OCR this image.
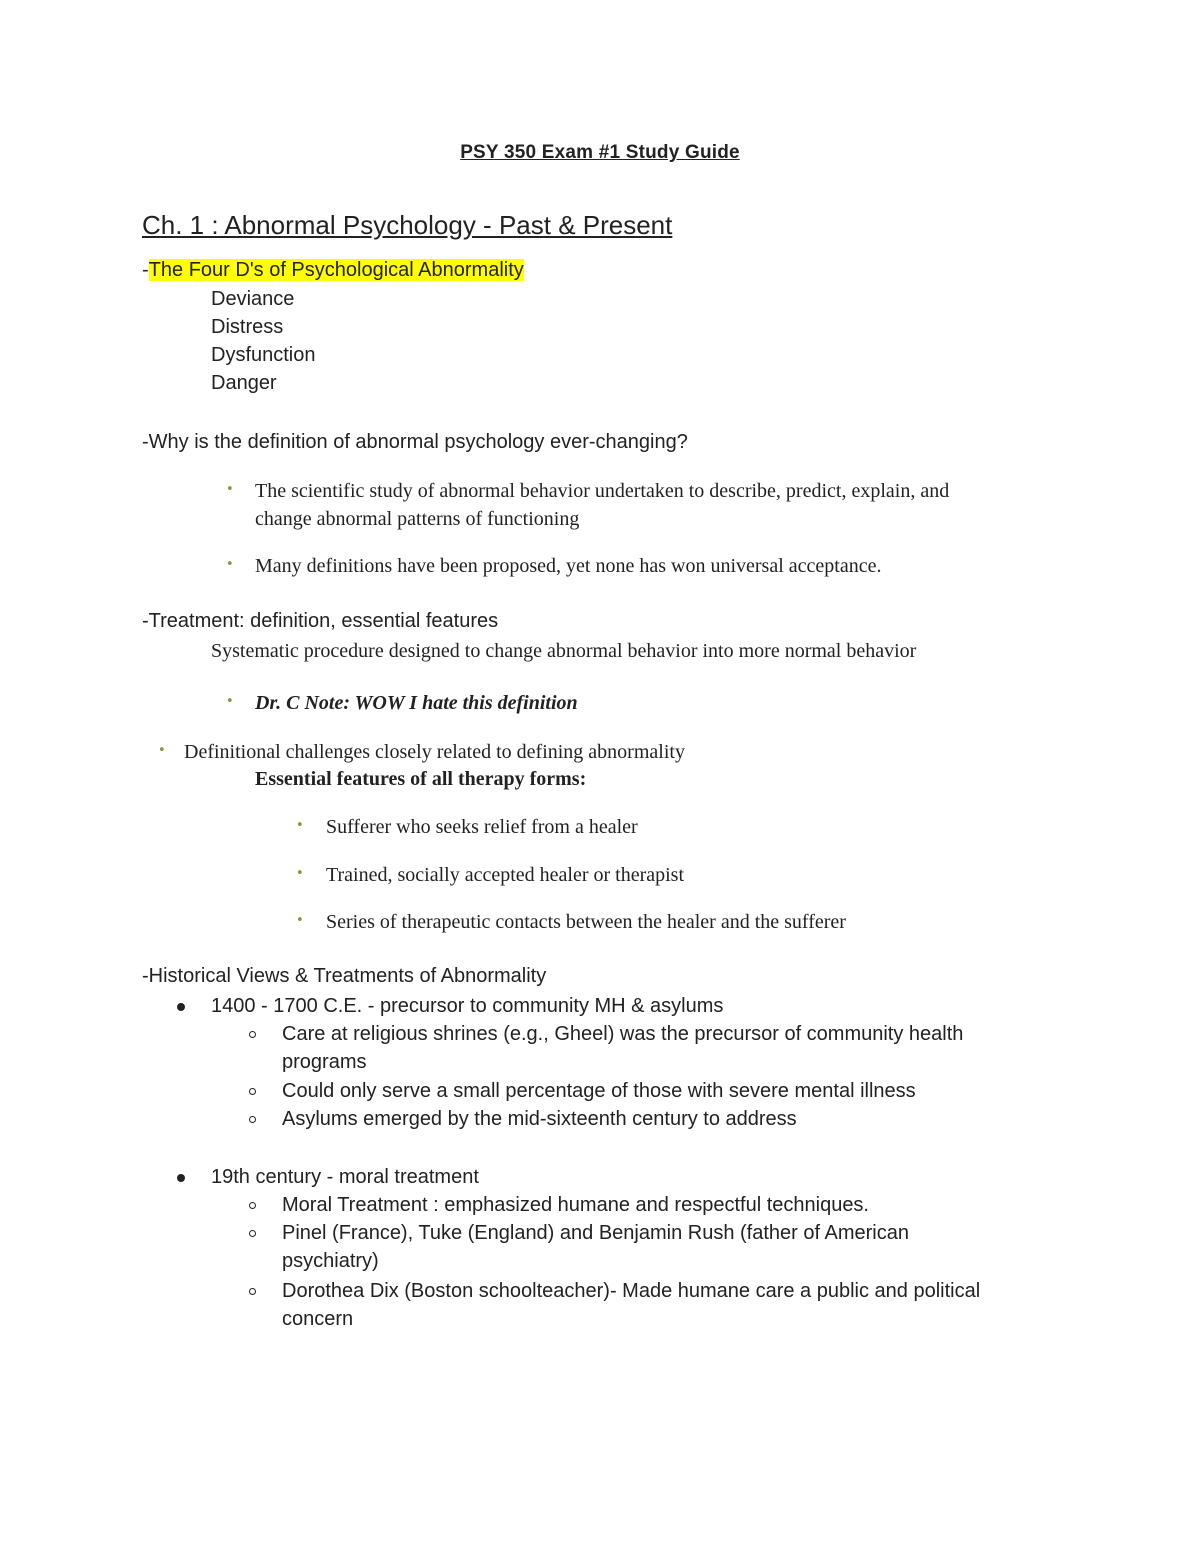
PSY 350 Exam #1 Study Guide
Ch. 1 : Abnormal Psychology - Past & Present
-The Four D's of Psychological Abnormality
Deviance
Distress
Dysfunction
Danger
-Why is the definition of abnormal psychology ever-changing?
• The scientific study of abnormal behavior undertaken to describe, predict, explain, and
change abnormal patterns of functioning
• Many definitions have been proposed, yet none has won universal acceptance.
-Treatment: definition, essential features
Systematic procedure designed to change abnormal behavior into more normal behavior
• Dr. C Note: WOW I hate this definition
• Definitional challenges closely related to defining abnormality
Essential features of all therapy forms:
• Sufferer who seeks relief from a healer
• Trained, socially accepted healer or therapist
• Series of therapeutic contacts between the healer and the sufferer
-Historical Views & Treatments of Abnormality
1400 - 1700 C.E. - precursor to community MH & asylums
Care at religious shrines (e.g., Gheel) was the precursor of community health
programs
Could only serve a small percentage of those with severe mental illness
Asylums emerged by the mid-sixteenth century to address
19th century - moral treatment
Moral Treatment : emphasized humane and respectful techniques.
Pinel (France), Tuke (England) and Benjamin Rush (father of American
psychiatry)
Dorothea Dix (Boston schoolteacher)- Made humane care a public and political
concern
